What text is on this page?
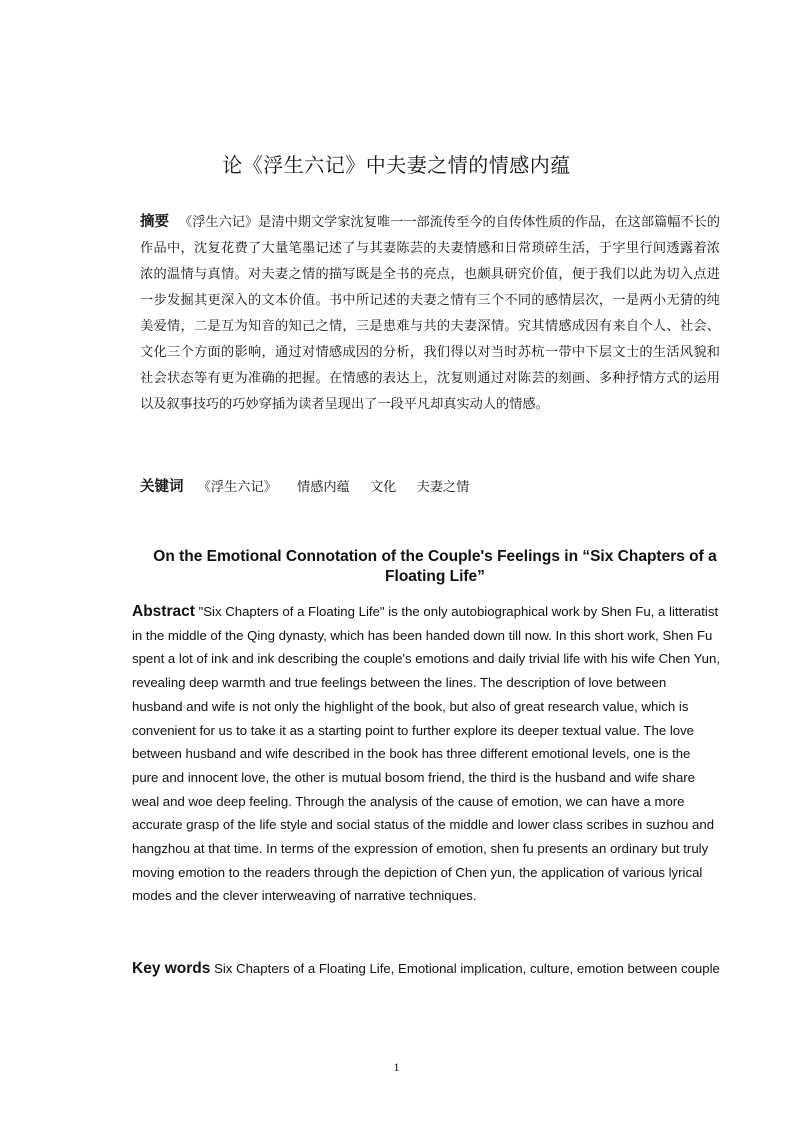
论《浮生六记》中夫妻之情的情感内蕴

摘要 《浮生六记》是清中期文学家沈复唯一一部流传至今的自传体性质的作品，在这部篇幅不长的作品中，沈复花费了大量笔墨记述了与其妻陈芸的夫妻情感和日常琐碎生活，于字里行间透露着浓浓的温情与真情。对夫妻之情的描写既是全书的亮点，也颇具研究价值，便于我们以此为切入点进一步发掘其更深入的文本价值。书中所记述的夫妻之情有三个不同的感情层次，一是两小无猜的纯美爱情，二是互为知音的知己之情，三是患难与共的夫妻深情。究其情感成因有来自个人、社会、文化三个方面的影响，通过对情感成因的分析，我们得以对当时苏杭一带中下层文士的生活风貌和社会状态等有更为准确的把握。在情感的表达上，沈复则通过对陈芸的刻画、多种抒情方式的运用以及叙事技巧的巧妙穿插为读者呈现出了一段平凡却真实动人的情感。

关键词 《浮生六记》 情感内蕴 文化 夫妻之情
On the Emotional Connotation of the Couple's Feelings in “Six Chapters of a Floating Life”

Abstract "Six Chapters of a Floating Life" is the only autobiographical work by Shen Fu, a litteratist in the middle of the Qing dynasty, which has been handed down till now. In this short work, Shen Fu spent a lot of ink and ink describing the couple's emotions and daily trivial life with his wife Chen Yun, revealing deep warmth and true feelings between the lines. The description of love between husband and wife is not only the highlight of the book, but also of great research value, which is convenient for us to take it as a starting point to further explore its deeper textual value. The love between husband and wife described in the book has three different emotional levels, one is the pure and innocent love, the other is mutual bosom friend, the third is the husband and wife share weal and woe deep feeling. Through the analysis of the cause of emotion, we can have a more accurate grasp of the life style and social status of the middle and lower class scribes in suzhou and hangzhou at that time. In terms of the expression of emotion, shen fu presents an ordinary but truly moving emotion to the readers through the depiction of Chen yun, the application of various lyrical modes and the clever interweaving of narrative techniques.

Key words Six Chapters of a Floating Life, Emotional implication, culture, emotion between couple
1
